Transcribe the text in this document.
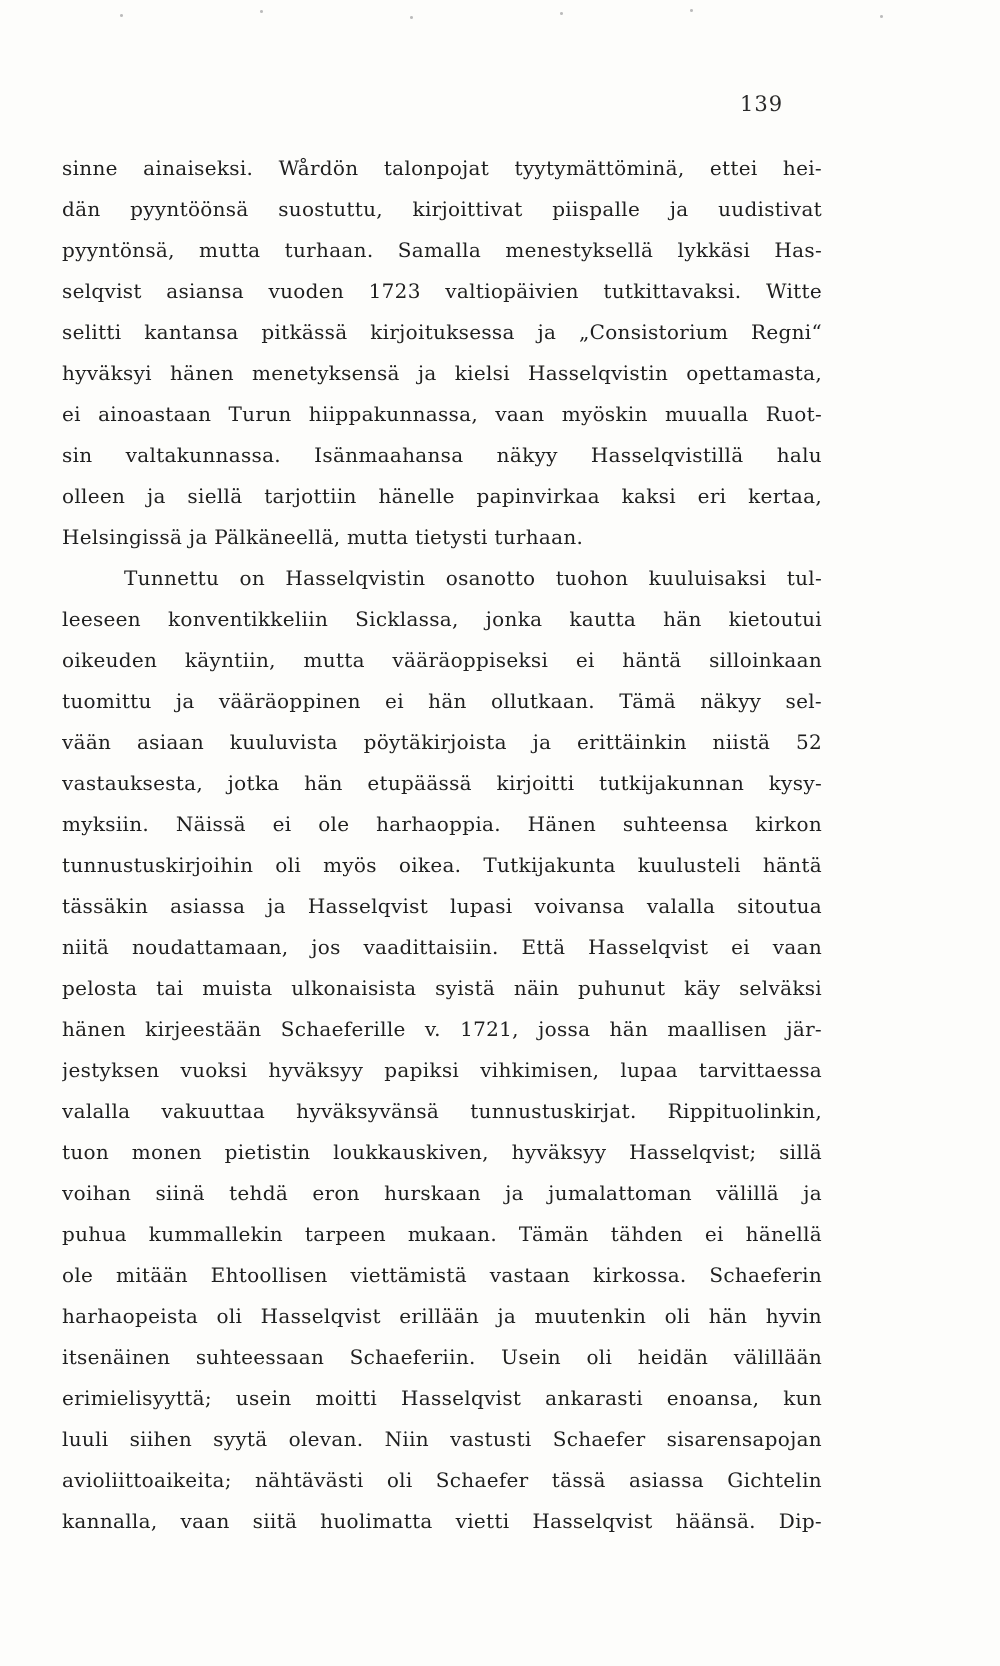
139
sinne ainaiseksi. Wårdön talonpojat tyytymättöminä, ettei hei-
dän pyyntöönsä suostuttu, kirjoittivat piispalle ja uudistivat
pyyntönsä, mutta turhaan. Samalla menestyksellä lykkäsi Has-
selqvist asiansa vuoden 1723 valtiopäivien tutkittavaksi. Witte
selitti kantansa pitkässä kirjoituksessa ja „Consistorium Regni“
hyväksyi hänen menetyksensä ja kielsi Hasselqvistin opettamasta,
ei ainoastaan Turun hiippakunnassa, vaan myöskin muualla Ruot-
sin valtakunnassa. Isänmaahansa näkyy Hasselqvistillä halu
olleen ja siellä tarjottiin hänelle papinvirkaa kaksi eri kertaa,
Helsingissä ja Pälkäneellä, mutta tietysti turhaan.
Tunnettu on Hasselqvistin osanotto tuohon kuuluisaksi tul-
leeseen konventikkeliin Sicklassa, jonka kautta hän kietoutui
oikeuden käyntiin, mutta vääräoppiseksi ei häntä silloinkaan
tuomittu ja vääräoppinen ei hän ollutkaan. Tämä näkyy sel-
vään asiaan kuuluvista pöytäkirjoista ja erittäinkin niistä 52
vastauksesta, jotka hän etupäässä kirjoitti tutkijakunnan kysy-
myksiin. Näissä ei ole harhaoppia. Hänen suhteensa kirkon
tunnustuskirjoihin oli myös oikea. Tutkijakunta kuulusteli häntä
tässäkin asiassa ja Hasselqvist lupasi voivansa valalla sitoutua
niitä noudattamaan, jos vaadittaisiin. Että Hasselqvist ei vaan
pelosta tai muista ulkonaisista syistä näin puhunut käy selväksi
hänen kirjeestään Schaeferille v. 1721, jossa hän maallisen jär-
jestyksen vuoksi hyväksyy papiksi vihkimisen, lupaa tarvittaessa
valalla vakuuttaa hyväksyvänsä tunnustuskirjat. Rippituolinkin,
tuon monen pietistin loukkauskiven, hyväksyy Hasselqvist; sillä
voihan siinä tehdä eron hurskaan ja jumalattoman välillä ja
puhua kummallekin tarpeen mukaan. Tämän tähden ei hänellä
ole mitään Ehtoollisen viettämistä vastaan kirkossa. Schaeferin
harhaopeista oli Hasselqvist erillään ja muutenkin oli hän hyvin
itsenäinen suhteessaan Schaeferiin. Usein oli heidän välillään
erimielisyyttä; usein moitti Hasselqvist ankarasti enoansa, kun
luuli siihen syytä olevan. Niin vastusti Schaefer sisarensapojan
avioliittoaikeita; nähtävästi oli Schaefer tässä asiassa Gichtelin
kannalla, vaan siitä huolimatta vietti Hasselqvist häänsä. Dip-
